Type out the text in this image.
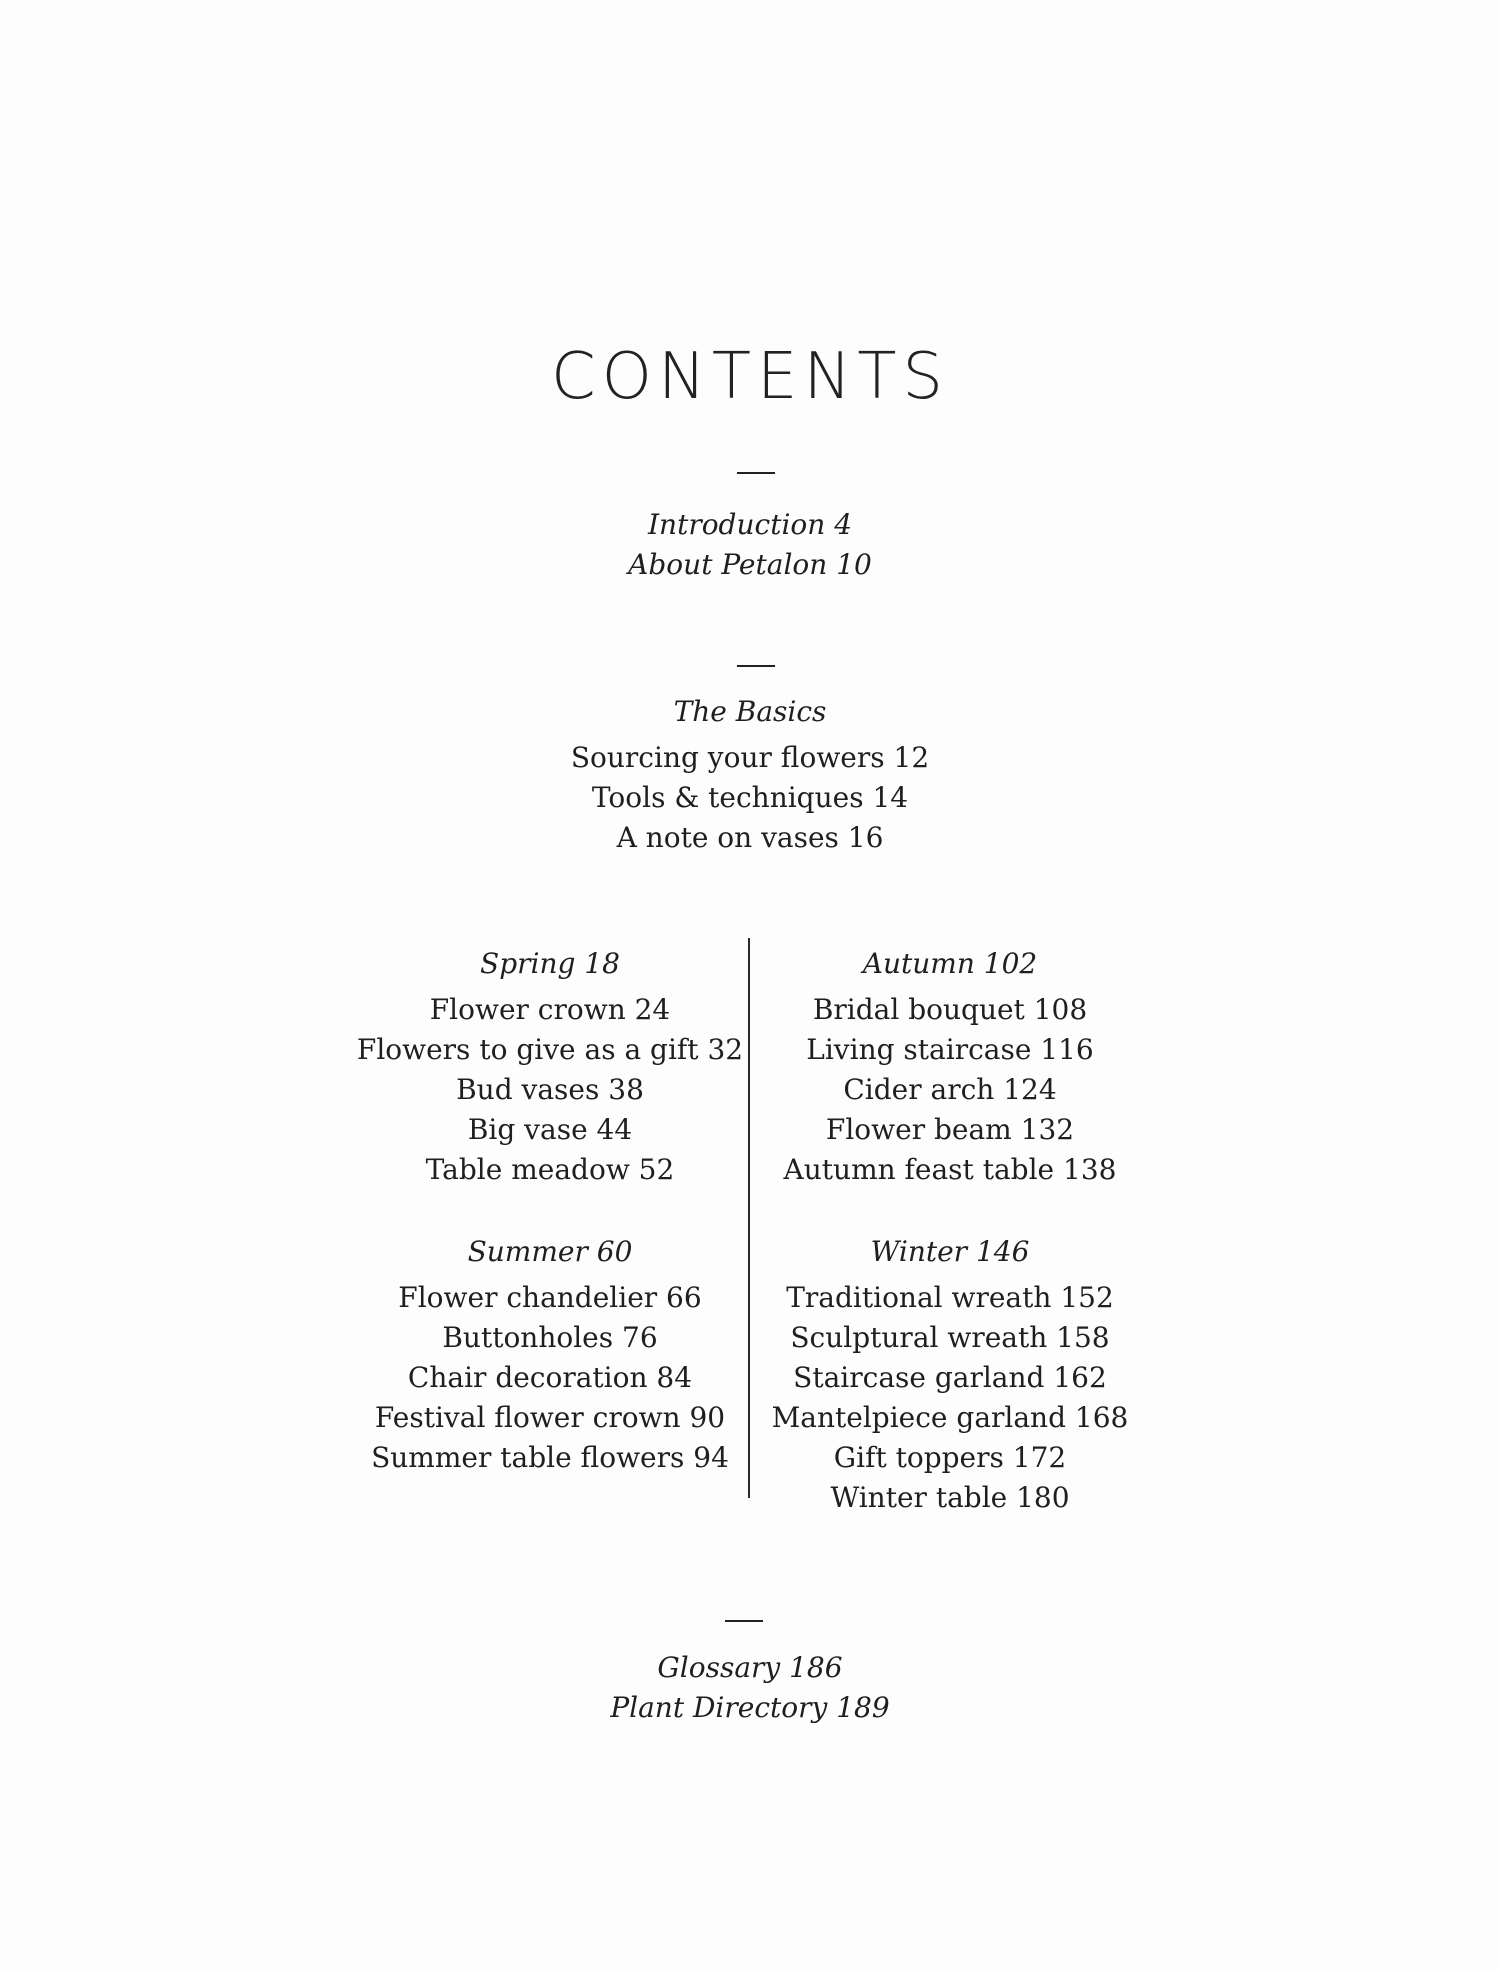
CONTENTS
Introduction 4
About Petalon 10
The Basics
Sourcing your flowers 12
Tools & techniques 14
A note on vases 16
Spring 18
Flower crown 24
Flowers to give as a gift 32
Bud vases 38
Big vase 44
Table meadow 52
Summer 60
Flower chandelier 66
Buttonholes 76
Chair decoration 84
Festival flower crown 90
Summer table flowers 94
Autumn 102
Bridal bouquet 108
Living staircase 116
Cider arch 124
Flower beam 132
Autumn feast table 138
Winter 146
Traditional wreath 152
Sculptural wreath 158
Staircase garland 162
Mantelpiece garland 168
Gift toppers 172
Winter table 180
Glossary 186
Plant Directory 189
